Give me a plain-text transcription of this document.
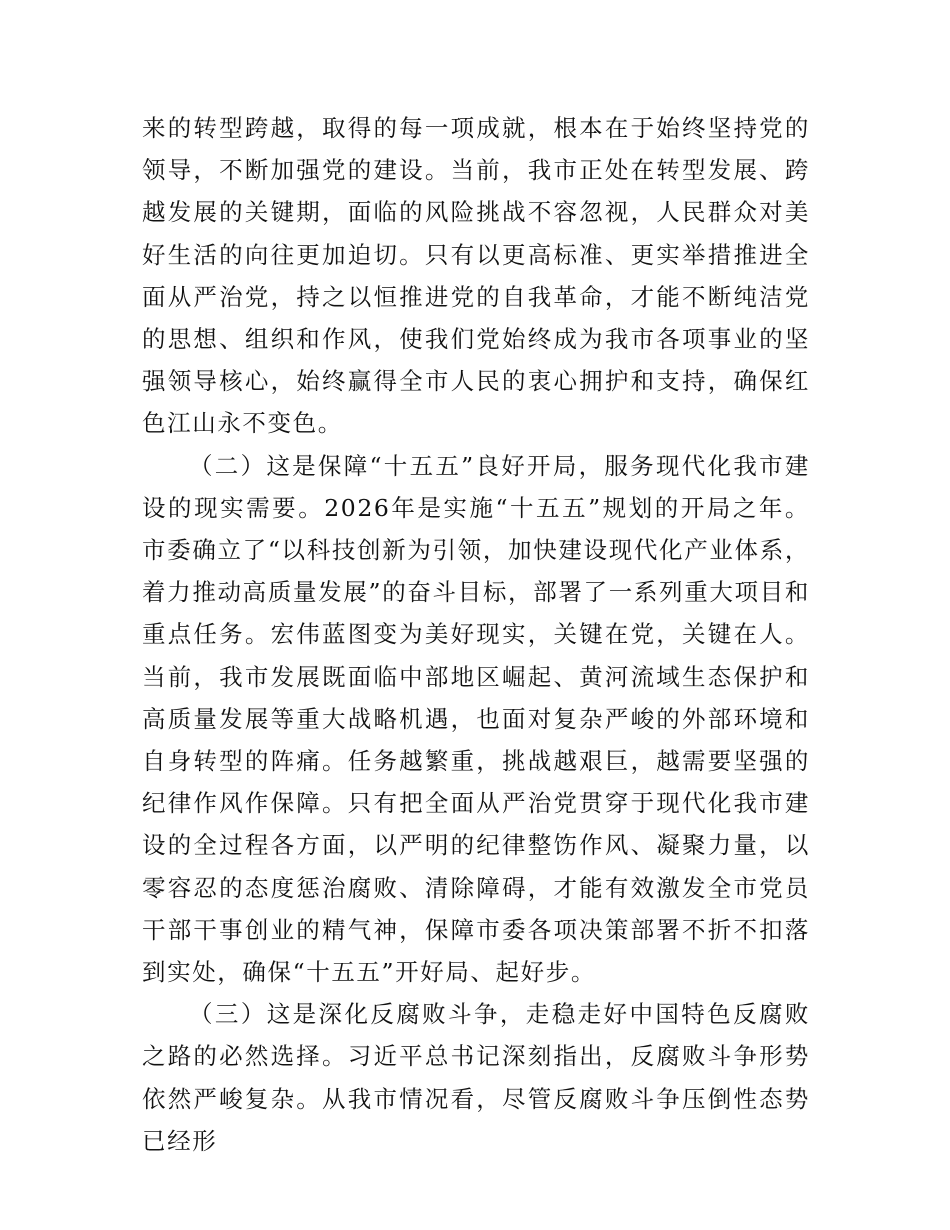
来的转型跨越，取得的每一项成就，根本在于始终坚持党的领导，不断加强党的建设。当前，我市正处在转型发展、跨越发展的关键期，面临的风险挑战不容忽视，人民群众对美好生活的向往更加迫切。只有以更高标准、更实举措推进全面从严治党，持之以恒推进党的自我革命，才能不断纯洁党的思想、组织和作风，使我们党始终成为我市各项事业的坚强领导核心，始终赢得全市人民的衷心拥护和支持，确保红色江山永不变色。

（二）这是保障“十五五”良好开局，服务现代化我市建设的现实需要。2026年是实施“十五五”规划的开局之年。市委确立了“以科技创新为引领，加快建设现代化产业体系，着力推动高质量发展”的奋斗目标，部署了一系列重大项目和重点任务。宏伟蓝图变为美好现实，关键在党，关键在人。当前，我市发展既面临中部地区崛起、黄河流域生态保护和高质量发展等重大战略机遇，也面对复杂严峻的外部环境和自身转型的阵痛。任务越繁重，挑战越艰巨，越需要坚强的纪律作风作保障。只有把全面从严治党贯穿于现代化我市建设的全过程各方面，以严明的纪律整饬作风、凝聚力量，以零容忍的态度惩治腐败、清除障碍，才能有效激发全市党员干部干事创业的精气神，保障市委各项决策部署不折不扣落到实处，确保“十五五”开好局、起好步。

（三）这是深化反腐败斗争，走稳走好中国特色反腐败之路的必然选择。习近平总书记深刻指出，反腐败斗争形势依然严峻复杂。从我市情况看，尽管反腐败斗争压倒性态势已经形
